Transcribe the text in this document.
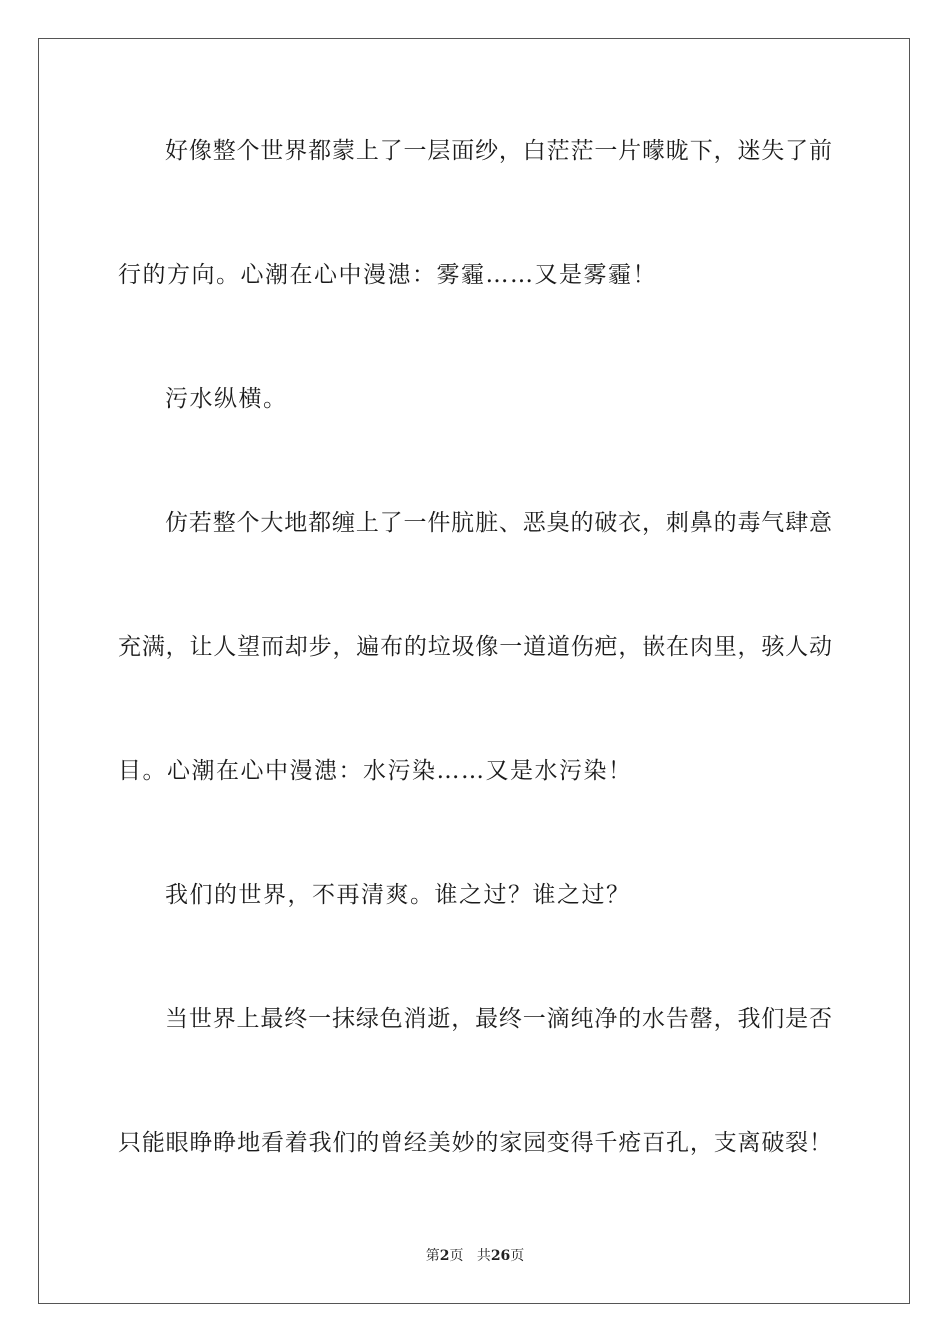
好像整个世界都蒙上了一层面纱，白茫茫一片曚昽下，迷失了前
行的方向。心潮在心中漫漶：雾霾……又是雾霾！
污水纵横。
仿若整个大地都缠上了一件肮脏、恶臭的破衣，刺鼻的毒气肆意
充满，让人望而却步，遍布的垃圾像一道道伤疤，嵌在肉里，骇人动
目。心潮在心中漫漶：水污染……又是水污染！
我们的世界，不再清爽。谁之过？谁之过？
当世界上最终一抹绿色消逝，最终一滴纯净的水告罄，我们是否
只能眼睁睁地看着我们的曾经美妙的家园变得千疮百孔，支离破裂！
第2页 共26页
